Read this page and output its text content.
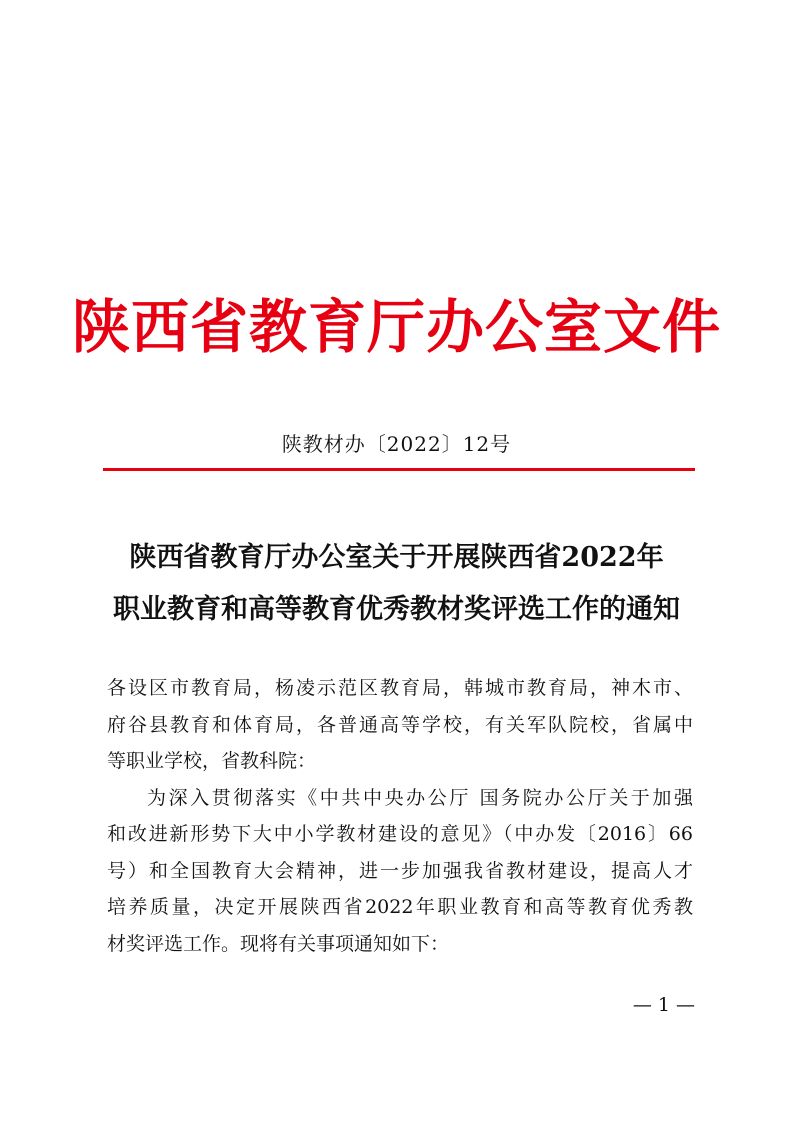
陕西省教育厅办公室文件
陕教材办〔2022〕12号
陕西省教育厅办公室关于开展陕西省2022年
职业教育和高等教育优秀教材奖评选工作的通知
各设区市教育局，杨凌示范区教育局，韩城市教育局，神木市、
府谷县教育和体育局，各普通高等学校，有关军队院校，省属中
等职业学校，省教科院：
为深入贯彻落实《中共中央办公厅 国务院办公厅关于加强
和改进新形势下大中小学教材建设的意见》（中办发〔2016〕66
号）和全国教育大会精神，进一步加强我省教材建设，提高人才
培养质量，决定开展陕西省2022年职业教育和高等教育优秀教
材奖评选工作。现将有关事项通知如下：
— 1 —
